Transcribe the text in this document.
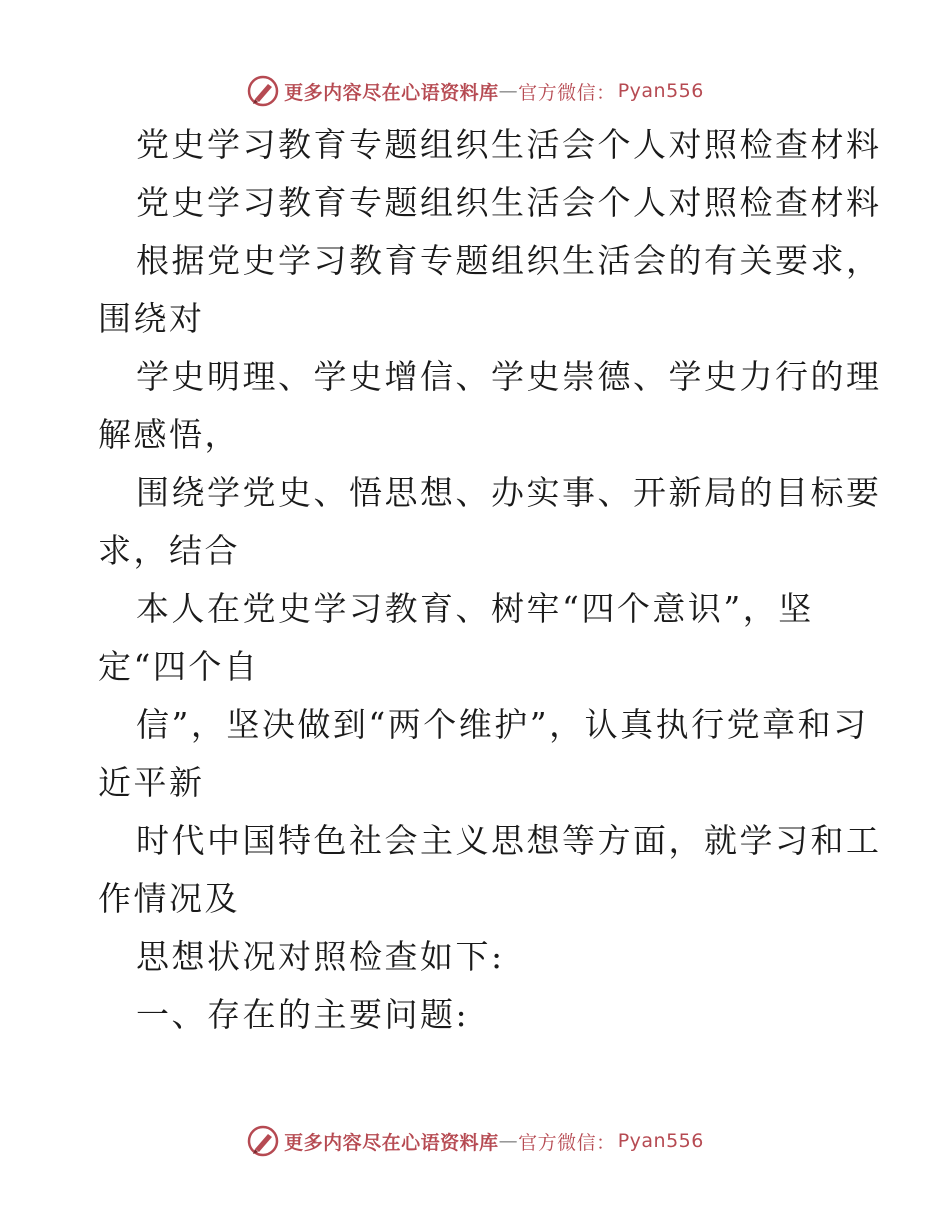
更多内容尽在心语资料库 — 官方微信： Pyan556
党史学习教育专题组织生活会个人对照检查材料
党史学习教育专题组织生活会个人对照检查材料
根据党史学习教育专题组织生活会的有关要求，
围绕对
学史明理、学史增信、学史崇德、学史力行的理
解感悟，
围绕学党史、悟思想、办实事、开新局的目标要
求，结合
本人在党史学习教育、树牢“四个意识”，坚
定“四个自
信”，坚决做到“两个维护”，认真执行党章和习
近平新
时代中国特色社会主义思想等方面，就学习和工
作情况及
思想状况对照检查如下:
一、存在的主要问题:
更多内容尽在心语资料库 — 官方微信： Pyan556
